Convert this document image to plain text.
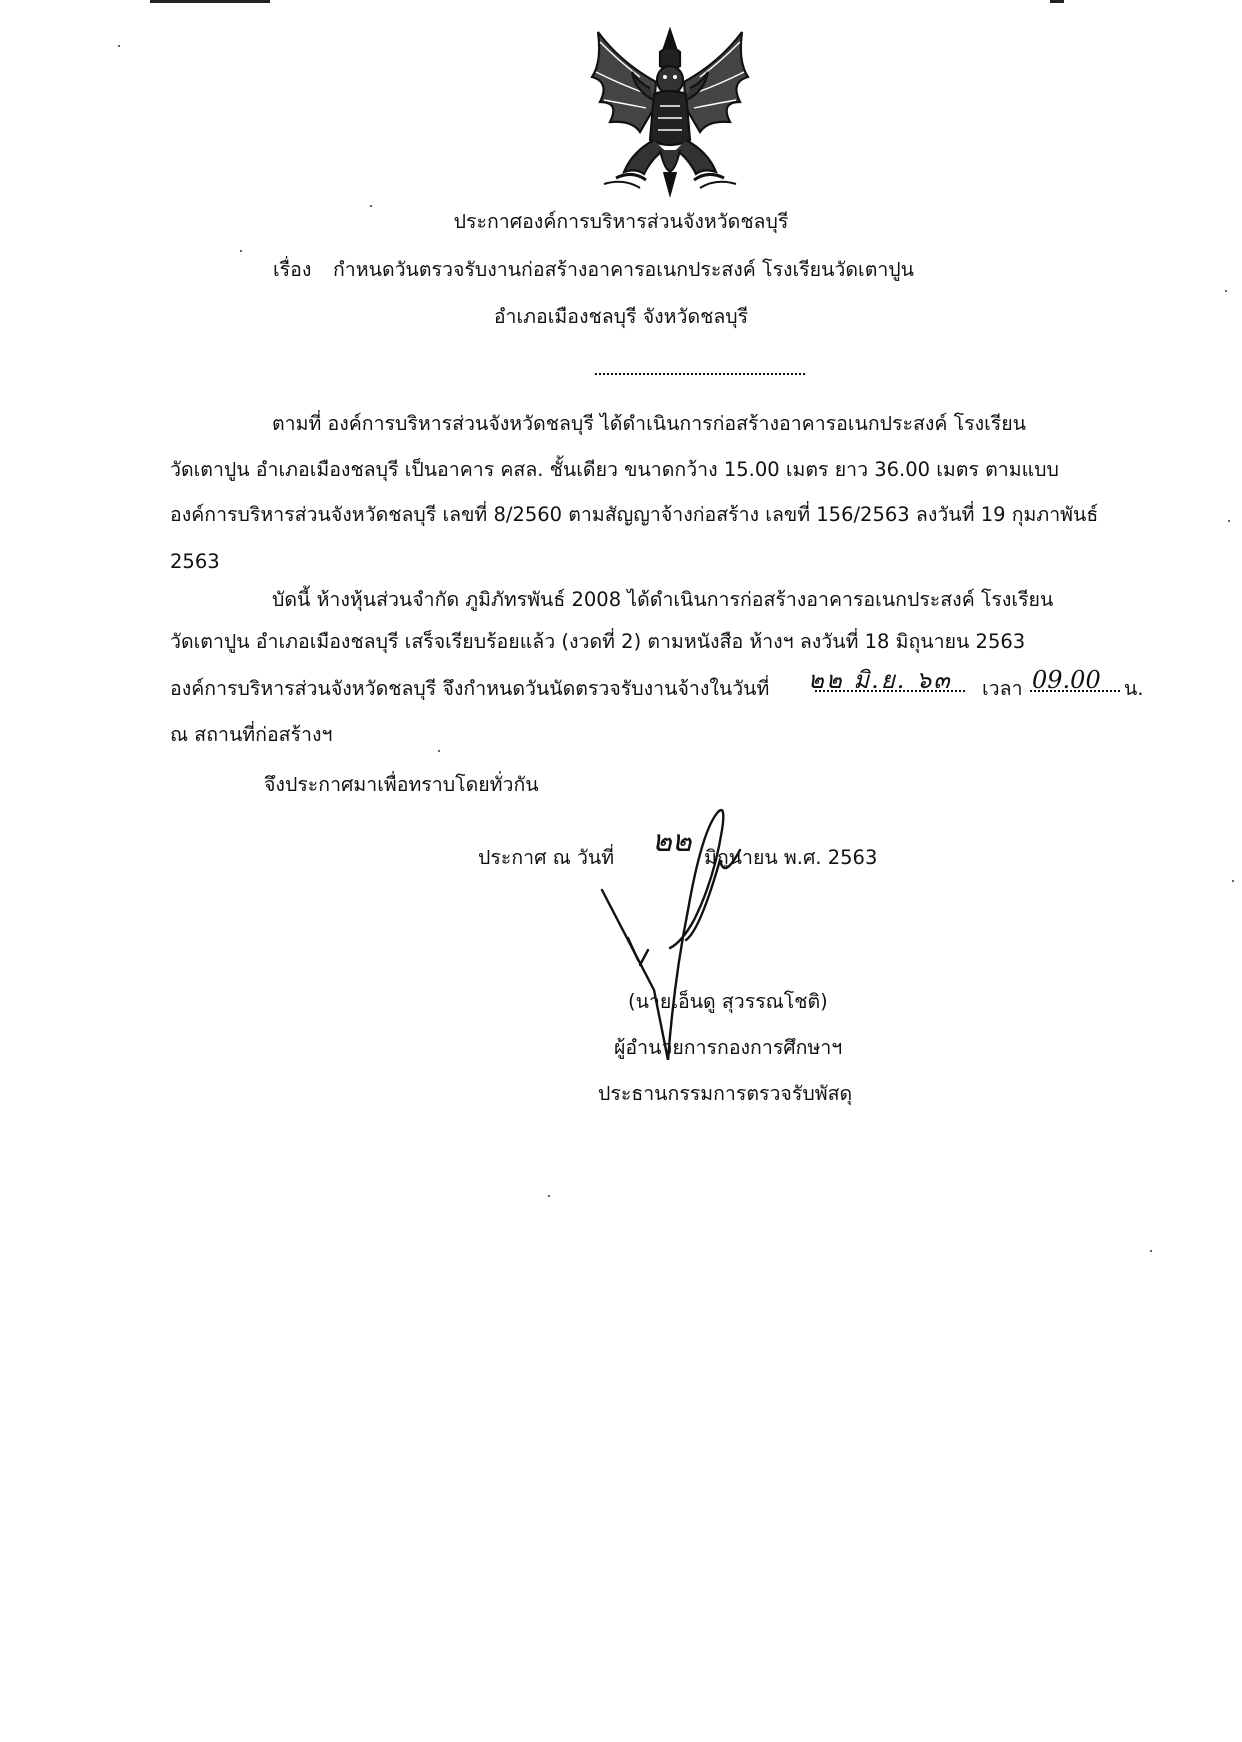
ประกาศองค์การบริหารส่วนจังหวัดชลบุรี
เรื่อง กำหนดวันตรวจรับงานก่อสร้างอาคารอเนกประสงค์ โรงเรียนวัดเตาปูน
อำเภอเมืองชลบุรี จังหวัดชลบุรี
ตามที่ องค์การบริหารส่วนจังหวัดชลบุรี ได้ดำเนินการก่อสร้างอาคารอเนกประสงค์ โรงเรียน
วัดเตาปูน อำเภอเมืองชลบุรี เป็นอาคาร คสล. ชั้นเดียว ขนาดกว้าง 15.00 เมตร ยาว 36.00 เมตร ตามแบบ
องค์การบริหารส่วนจังหวัดชลบุรี เลขที่ 8/2560 ตามสัญญาจ้างก่อสร้าง เลขที่ 156/2563 ลงวันที่ 19 กุมภาพันธ์
2563
บัดนี้ ห้างหุ้นส่วนจำกัด ภูมิภัทรพันธ์ 2008 ได้ดำเนินการก่อสร้างอาคารอเนกประสงค์ โรงเรียน
วัดเตาปูน อำเภอเมืองชลบุรี เสร็จเรียบร้อยแล้ว (งวดที่ 2) ตามหนังสือ ห้างฯ ลงวันที่ 18 มิถุนายน 2563
องค์การบริหารส่วนจังหวัดชลบุรี จึงกำหนดวันนัดตรวจรับงานจ้างในวันที่ ๒๒ มิ.ย. ๖๓ เวลา 09.00 น.
ณ สถานที่ก่อสร้างฯ
จึงประกาศมาเพื่อทราบโดยทั่วกัน
ประกาศ ณ วันที่ ๒๒ มิถุนายน พ.ศ. 2563
(นายเอ็นดู สุวรรณโชติ)
ผู้อำนวยการกองการศึกษาฯ
ประธานกรรมการตรวจรับพัสดุ
